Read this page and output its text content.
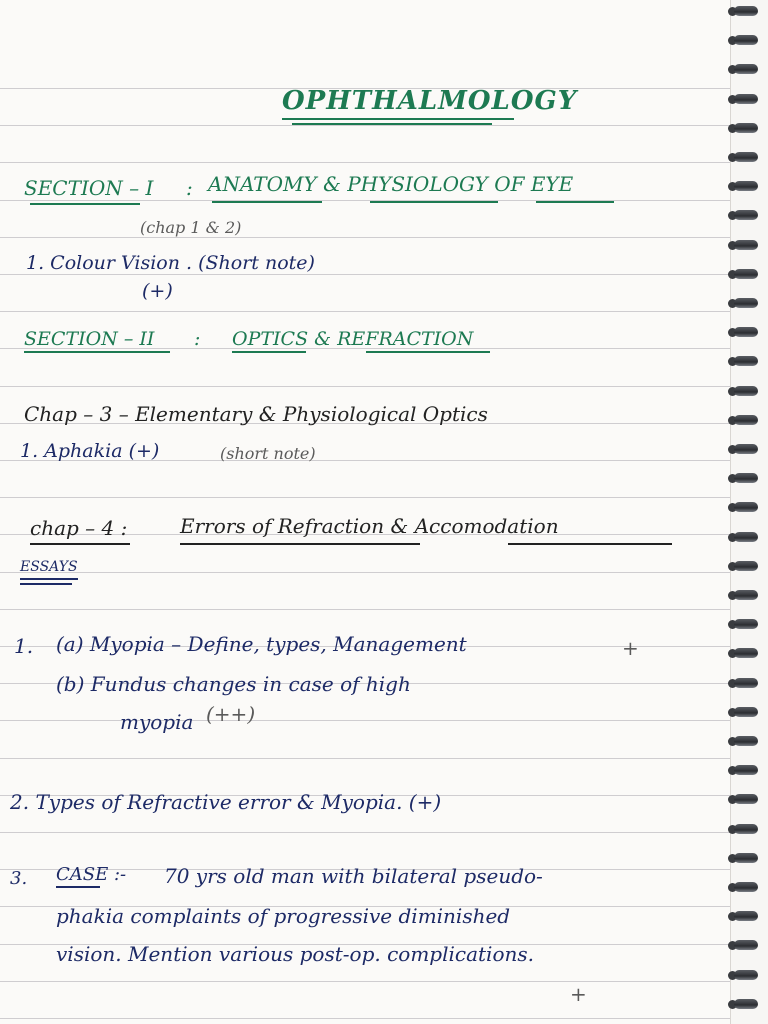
OPHTHALMOLOGY
SECTION – I : ANATOMY & PHYSIOLOGY OF EYE
(chap 1 & 2)
1. Colour Vision . (Short note)
(+)
SECTION – II : OPTICS & REFRACTION
Chap – 3 – Elementary & Physiological Optics
1. Aphakia (+)	(short note)
chap – 4 :	Errors of Refraction & Accomodation
ESSAYS
1. (a) Myopia – Define, types, Management	+
(b) Fundus changes in case of high
myopia (++)
2. Types of Refractive error & Myopia. (+)
3. CASE :- 70 yrs old man with bilateral pseudo-
phakia complaints of progressive diminished
vision. Mention various post-op. complications.
+
